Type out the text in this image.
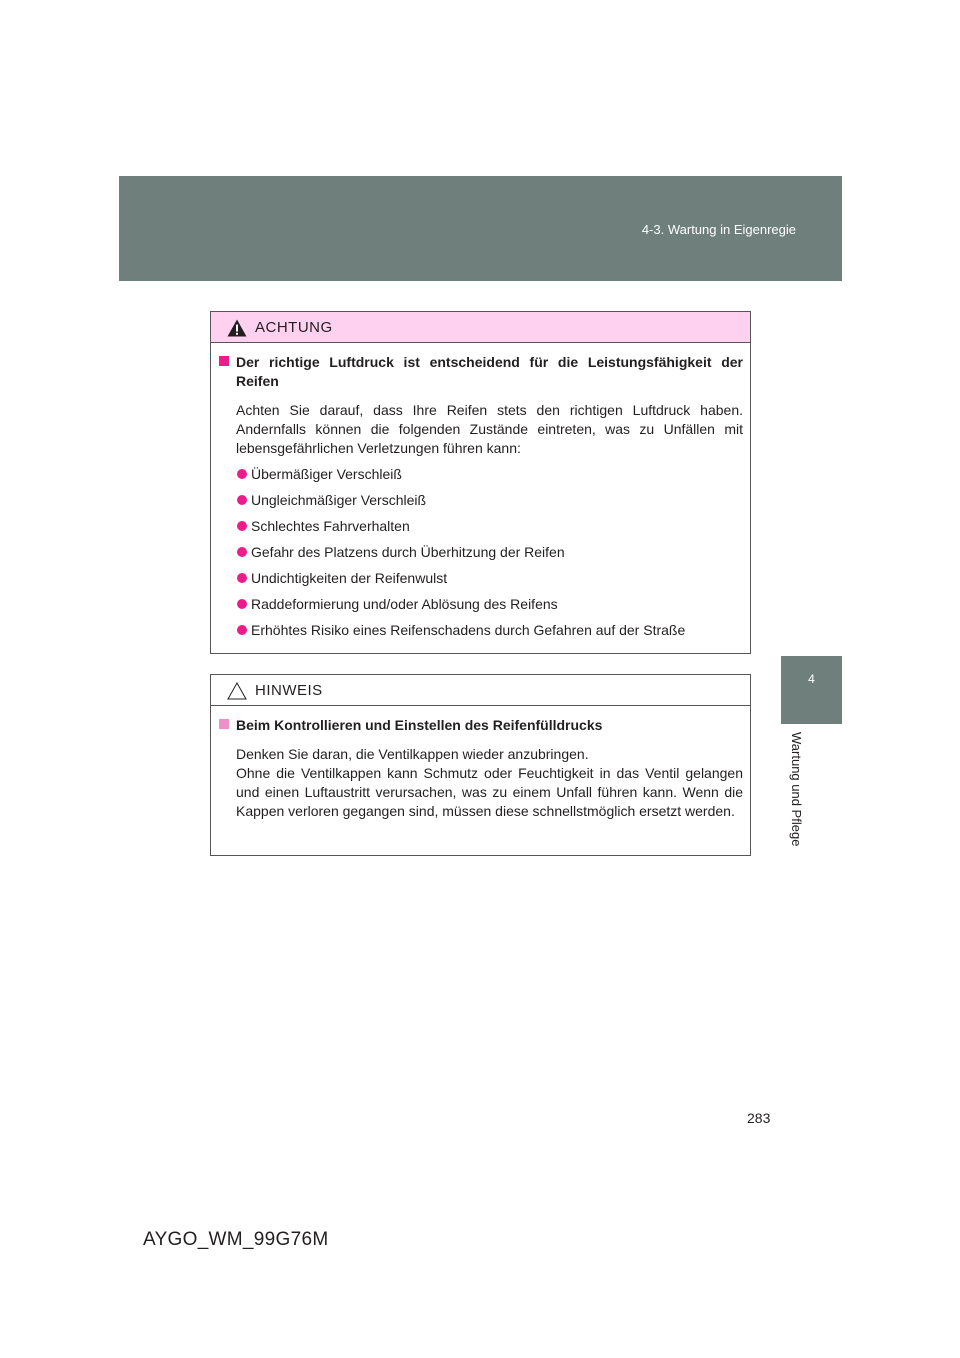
4-3. Wartung in Eigenregie
4
Wartung und Pflege
ACHTUNG
Der richtige Luftdruck ist entscheidend für die Leistungsfähigkeit der Reifen
Achten Sie darauf, dass Ihre Reifen stets den richtigen Luftdruck haben. Andernfalls können die folgenden Zustände eintreten, was zu Unfällen mit lebensgefährlichen Verletzungen führen kann:
Übermäßiger Verschleiß
Ungleichmäßiger Verschleiß
Schlechtes Fahrverhalten
Gefahr des Platzens durch Überhitzung der Reifen
Undichtigkeiten der Reifenwulst
Raddeformierung und/oder Ablösung des Reifens
Erhöhtes Risiko eines Reifenschadens durch Gefahren auf der Straße
HINWEIS
Beim Kontrollieren und Einstellen des Reifenfülldrucks
Denken Sie daran, die Ventilkappen wieder anzubringen.
Ohne die Ventilkappen kann Schmutz oder Feuchtigkeit in das Ventil gelangen und einen Luftaustritt verursachen, was zu einem Unfall führen kann. Wenn die Kappen verloren gegangen sind, müssen diese schnellstmöglich ersetzt werden.
283
AYGO_WM_99G76M
